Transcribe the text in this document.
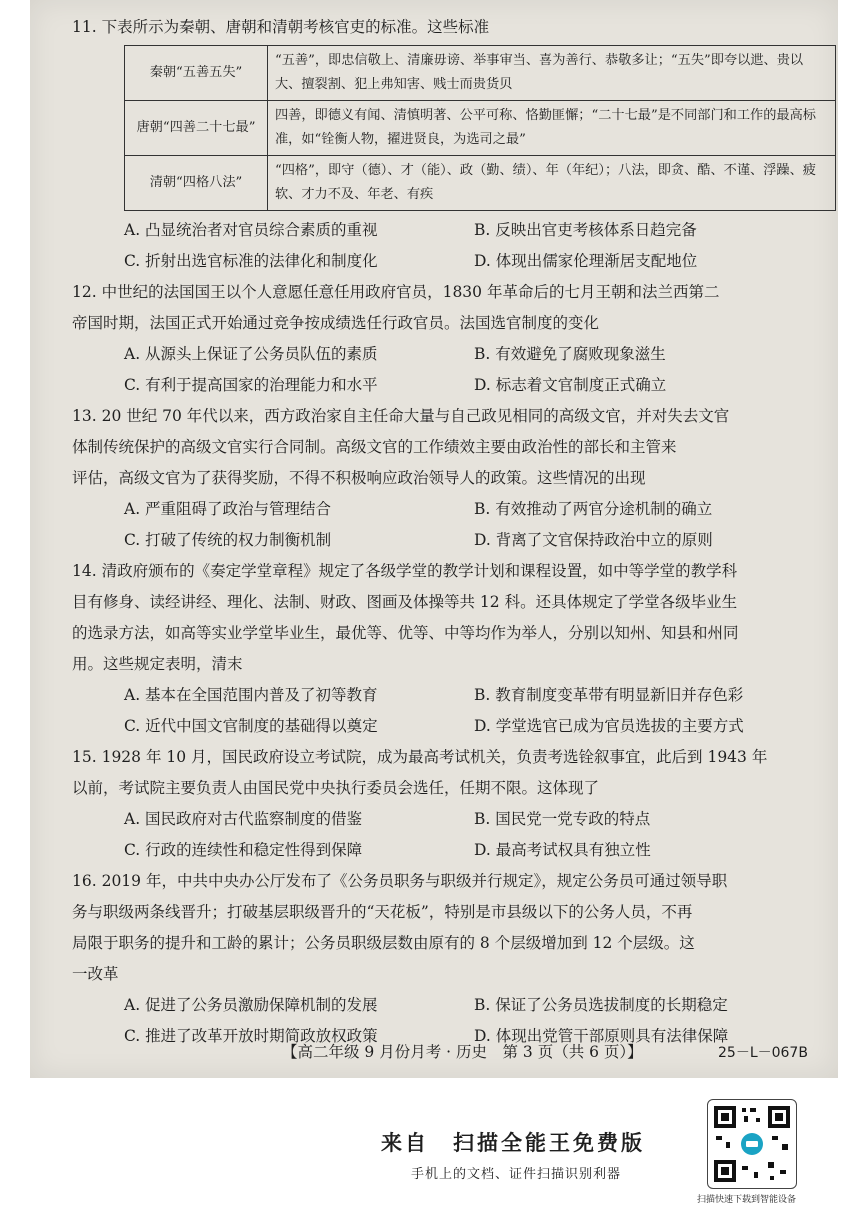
11. 下表所示为秦朝、唐朝和清朝考核官吏的标准。这些标准
秦朝“五善五失”	“五善”，即忠信敬上、清廉毋谤、举事审当、喜为善行、恭敬多让；“五失”即夸以迣、贵以大、擅裂割、犯上弗知害、贱士而贵货贝
唐朝“四善二十七最”	四善，即德义有闻、清慎明著、公平可称、恪勤匪懈；“二十七最”是不同部门和工作的最高标准，如“铨衡人物，擢进贤良，为选司之最”
清朝“四格八法”	“四格”，即守（德）、才（能）、政（勤、绩）、年（年纪）；八法，即贪、酷、不谨、浮躁、疲软、才力不及、年老、有疾
A. 凸显统治者对官员综合素质的重视	B. 反映出官吏考核体系日趋完备
C. 折射出选官标准的法律化和制度化	D. 体现出儒家伦理渐居支配地位
12. 中世纪的法国国王以个人意愿任意任用政府官员，1830 年革命后的七月王朝和法兰西第二
帝国时期，法国正式开始通过竞争按成绩选任行政官员。法国选官制度的变化
A. 从源头上保证了公务员队伍的素质	B. 有效避免了腐败现象滋生
C. 有利于提高国家的治理能力和水平	D. 标志着文官制度正式确立
13. 20 世纪 70 年代以来，西方政治家自主任命大量与自己政见相同的高级文官，并对失去文官
体制传统保护的高级文官实行合同制。高级文官的工作绩效主要由政治性的部长和主管来
评估，高级文官为了获得奖励，不得不积极响应政治领导人的政策。这些情况的出现
A. 严重阻碍了政治与管理结合	B. 有效推动了两官分途机制的确立
C. 打破了传统的权力制衡机制	D. 背离了文官保持政治中立的原则
14. 清政府颁布的《奏定学堂章程》规定了各级学堂的教学计划和课程设置，如中等学堂的教学科
目有修身、读经讲经、理化、法制、财政、图画及体操等共 12 科。还具体规定了学堂各级毕业生
的选录方法，如高等实业学堂毕业生，最优等、优等、中等均作为举人，分别以知州、知县和州同
用。这些规定表明，清末
A. 基本在全国范围内普及了初等教育	B. 教育制度变革带有明显新旧并存色彩
C. 近代中国文官制度的基础得以奠定	D. 学堂选官已成为官员选拔的主要方式
15. 1928 年 10 月，国民政府设立考试院，成为最高考试机关，负责考选铨叙事宜，此后到 1943 年
以前，考试院主要负责人由国民党中央执行委员会选任，任期不限。这体现了
A. 国民政府对古代监察制度的借鉴	B. 国民党一党专政的特点
C. 行政的连续性和稳定性得到保障	D. 最高考试权具有独立性
16. 2019 年，中共中央办公厅发布了《公务员职务与职级并行规定》，规定公务员可通过领导职
务与职级两条线晋升；打破基层职级晋升的“天花板”，特别是市县级以下的公务人员，不再
局限于职务的提升和工龄的累计；公务员职级层数由原有的 8 个层级增加到 12 个层级。这
一改革
A. 促进了公务员激励保障机制的发展	B. 保证了公务员选拔制度的长期稳定
C. 推进了改革开放时期简政放权政策	D. 体现出党管干部原则具有法律保障
【高二年级 9 月份月考 · 历史　第 3 页（共 6 页）】	25－L－067B
来自　扫描全能王免费版
手机上的文档、证件扫描识别利器
扫描快速下载到智能设备
